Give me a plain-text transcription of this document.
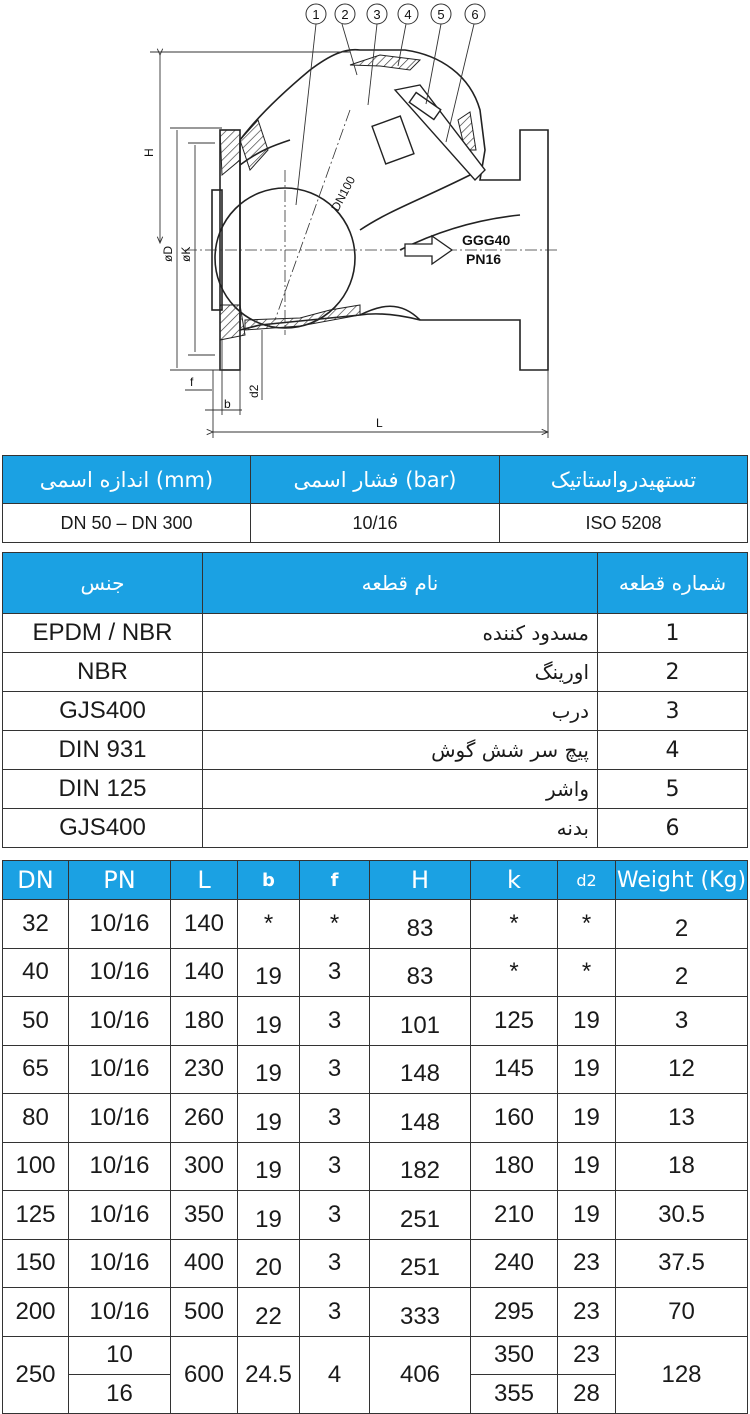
GGG40
PN16
DN100
H
øD øK
f
b
d2
L
1 2 3 4 5 6
اندازه اسمی (mm)	فشار اسمی (bar)	تستهیدرواستاتیک
DN 50 – DN 300	10/16	ISO 5208
جنس	نام قطعه	شماره قطعه
EPDM / NBR	مسدود کننده	1
NBR	اورینگ	2
GJS400	درب	3
DIN 931	پیچ سر شش گوش	4
DIN 125	واشر	5
GJS400	بدنه	6
DN	PN	L	b	f	H	k	d2	Weight (Kg)
32	10/16	140	*	*	83	*	*	2
40	10/16	140	19	3	83	*	*	2
50	10/16	180	19	3	101	125	19	3
65	10/16	230	19	3	148	145	19	12
80	10/16	260	19	3	148	160	19	13
100	10/16	300	19	3	182	180	19	18
125	10/16	350	19	3	251	210	19	30.5
150	10/16	400	20	3	251	240	23	37.5
200	10/16	500	22	3	333	295	23	70
250	10	600	24.5	4	406	350	23	128
	16					355	28	
